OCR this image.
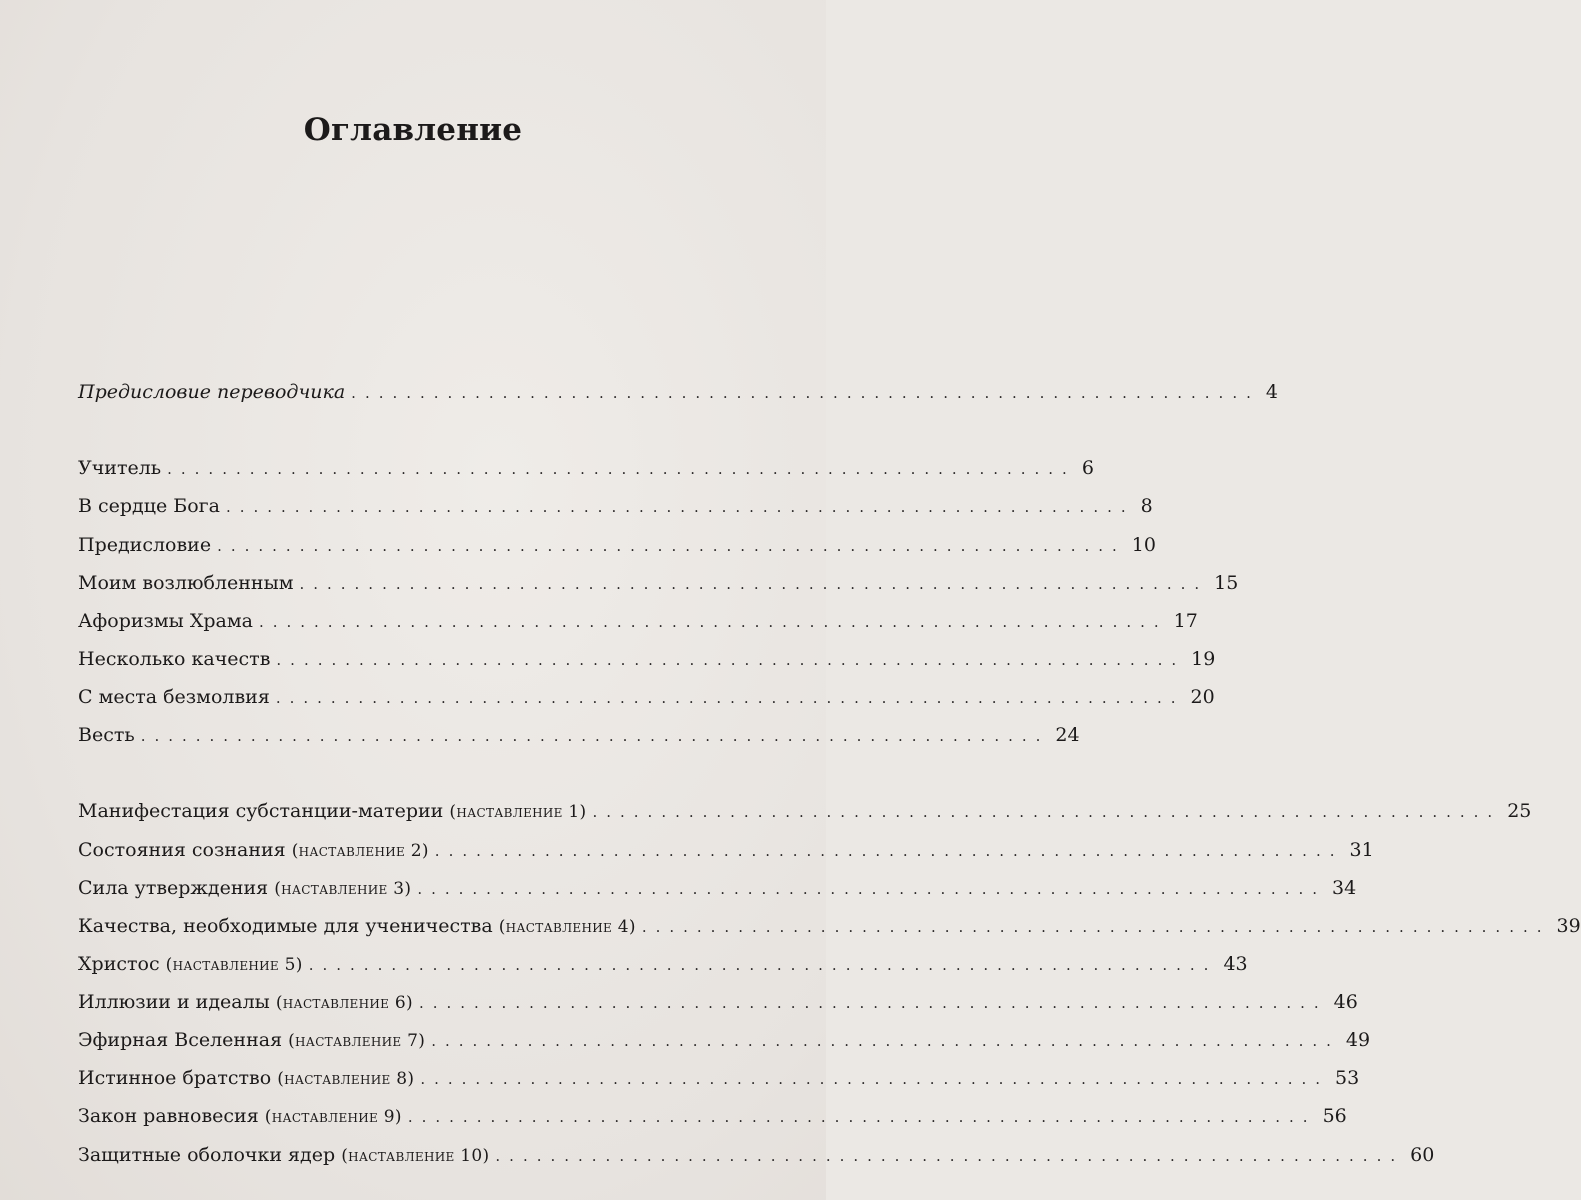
Оглавление
Предисловие переводчика .................................................................. 4
Учитель .................................................................. 6
В сердце Бога .................................................................. 8
Предисловие .................................................................. 10
Моим возлюбленным .................................................................. 15
Афоризмы Храма .................................................................. 17
Несколько качеств .................................................................. 19
С места безмолвия .................................................................. 20
Весть .................................................................. 24
Манифестация субстанции-материи (наставление 1) .................................................................. 25
Состояния сознания (наставление 2) .................................................................. 31
Сила утверждения (наставление 3) .................................................................. 34
Качества, необходимые для ученичества (наставление 4) .................................................................. 39
Христос (наставление 5) .................................................................. 43
Иллюзии и идеалы (наставление 6) .................................................................. 46
Эфирная Вселенная (наставление 7) .................................................................. 49
Истинное братство (наставление 8) .................................................................. 53
Закон равновесия (наставление 9) .................................................................. 56
Защитные оболочки ядер (наставление 10) .................................................................. 60
